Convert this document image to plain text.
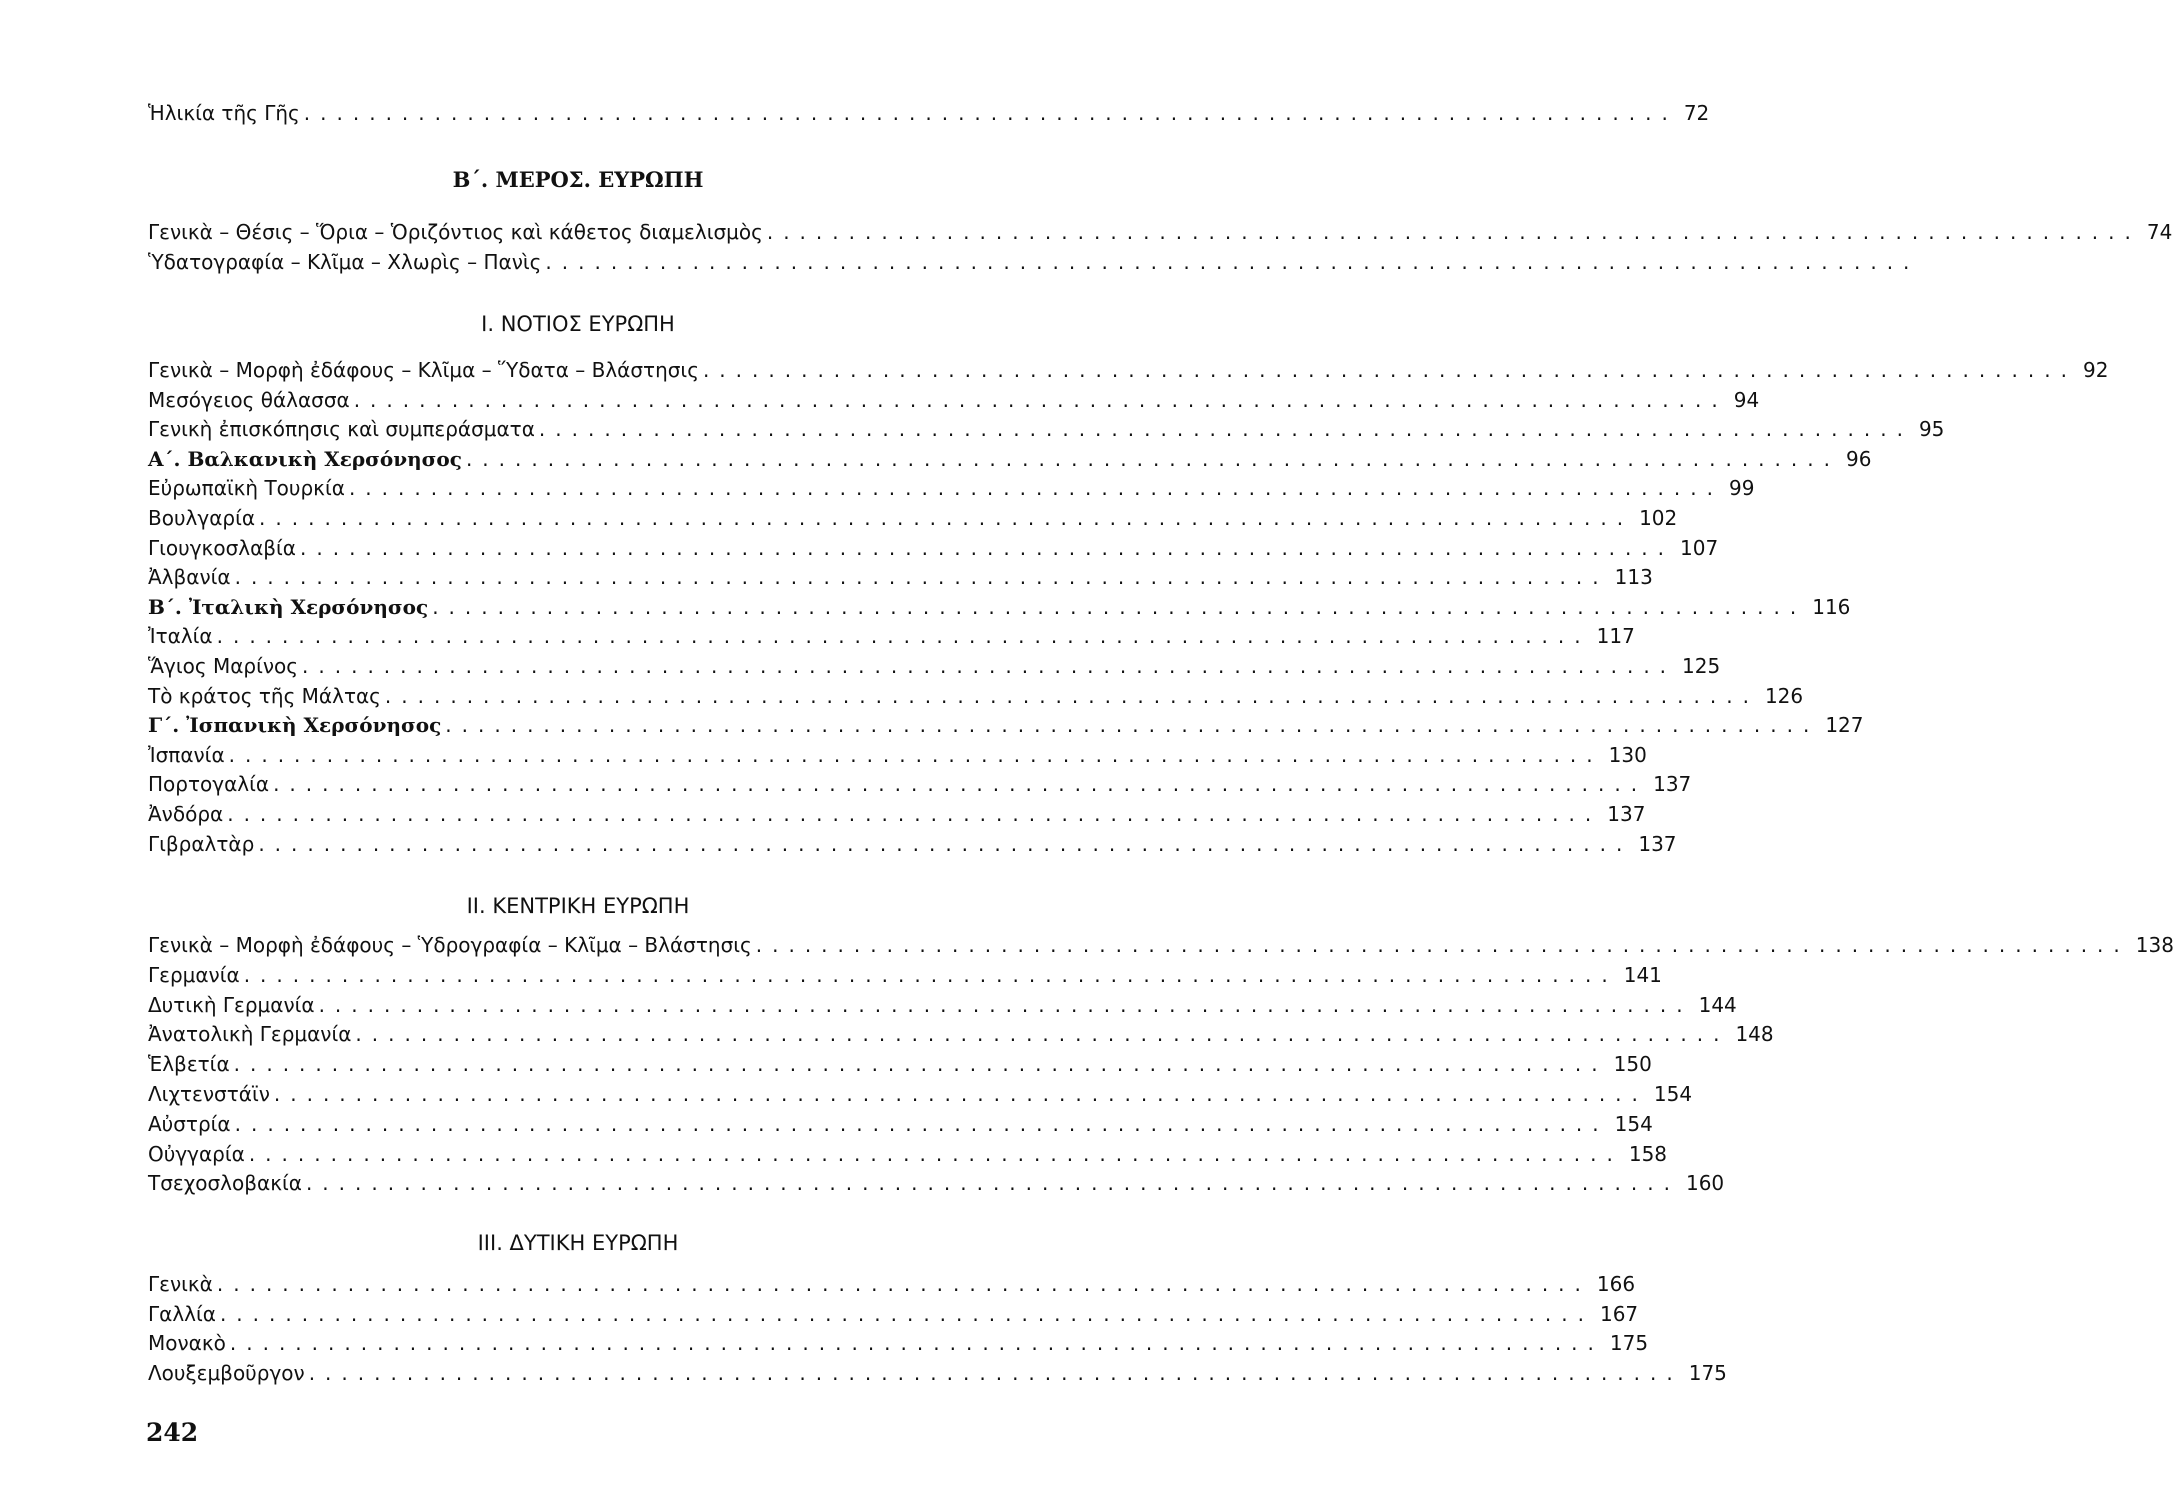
Ἡλικία τῆς Γῆς .................................................................................... 72
Β΄. ΜΕΡΟΣ. ΕΥΡΩΠΗ
Γενικὰ – Θέσις – Ὅρια – Ὁριζόντιος καὶ κάθετος διαμελισμὸς .................................................................................... 74
Ὑδατογραφία – Κλῖμα – Χλωρὶς – Πανὶς ....................................................................................
Ι. ΝΟΤΙΟΣ ΕΥΡΩΠΗ
Γενικὰ – Μορφὴ ἐδάφους – Κλῖμα – Ὕδατα – Βλάστησις .................................................................................... 92
Μεσόγειος θάλασσα .................................................................................... 94
Γενικὴ ἐπισκόπησις καὶ συμπεράσματα .................................................................................... 95
Α΄. Βαλκανικὴ Χερσόνησος .................................................................................... 96
Εὐρωπαϊκὴ Τουρκία .................................................................................... 99
Βουλγαρία .................................................................................... 102
Γιουγκοσλαβία .................................................................................... 107
Ἀλβανία .................................................................................... 113
Β΄. Ἰταλικὴ Χερσόνησος .................................................................................... 116
Ἰταλία .................................................................................... 117
Ἅγιος Μαρίνος .................................................................................... 125
Τὸ κράτος τῆς Μάλτας .................................................................................... 126
Γ΄. Ἰσπανικὴ Χερσόνησος .................................................................................... 127
Ἰσπανία .................................................................................... 130
Πορτογαλία .................................................................................... 137
Ἀνδόρα .................................................................................... 137
Γιβραλτὰρ .................................................................................... 137
ΙΙ. ΚΕΝΤΡΙΚΗ ΕΥΡΩΠΗ
Γενικὰ – Μορφὴ ἐδάφους – Ὑδρογραφία – Κλῖμα – Βλάστησις .................................................................................... 138
Γερμανία .................................................................................... 141
Δυτικὴ Γερμανία .................................................................................... 144
Ἀνατολικὴ Γερμανία .................................................................................... 148
Ἑλβετία .................................................................................... 150
Λιχτενστάϊν .................................................................................... 154
Αὐστρία .................................................................................... 154
Οὐγγαρία .................................................................................... 158
Τσεχοσλοβακία .................................................................................... 160
ΙΙΙ. ΔΥΤΙΚΗ ΕΥΡΩΠΗ
Γενικὰ .................................................................................... 166
Γαλλία .................................................................................... 167
Μονακὸ .................................................................................... 175
Λουξεμβοῦργον .................................................................................... 175
242
